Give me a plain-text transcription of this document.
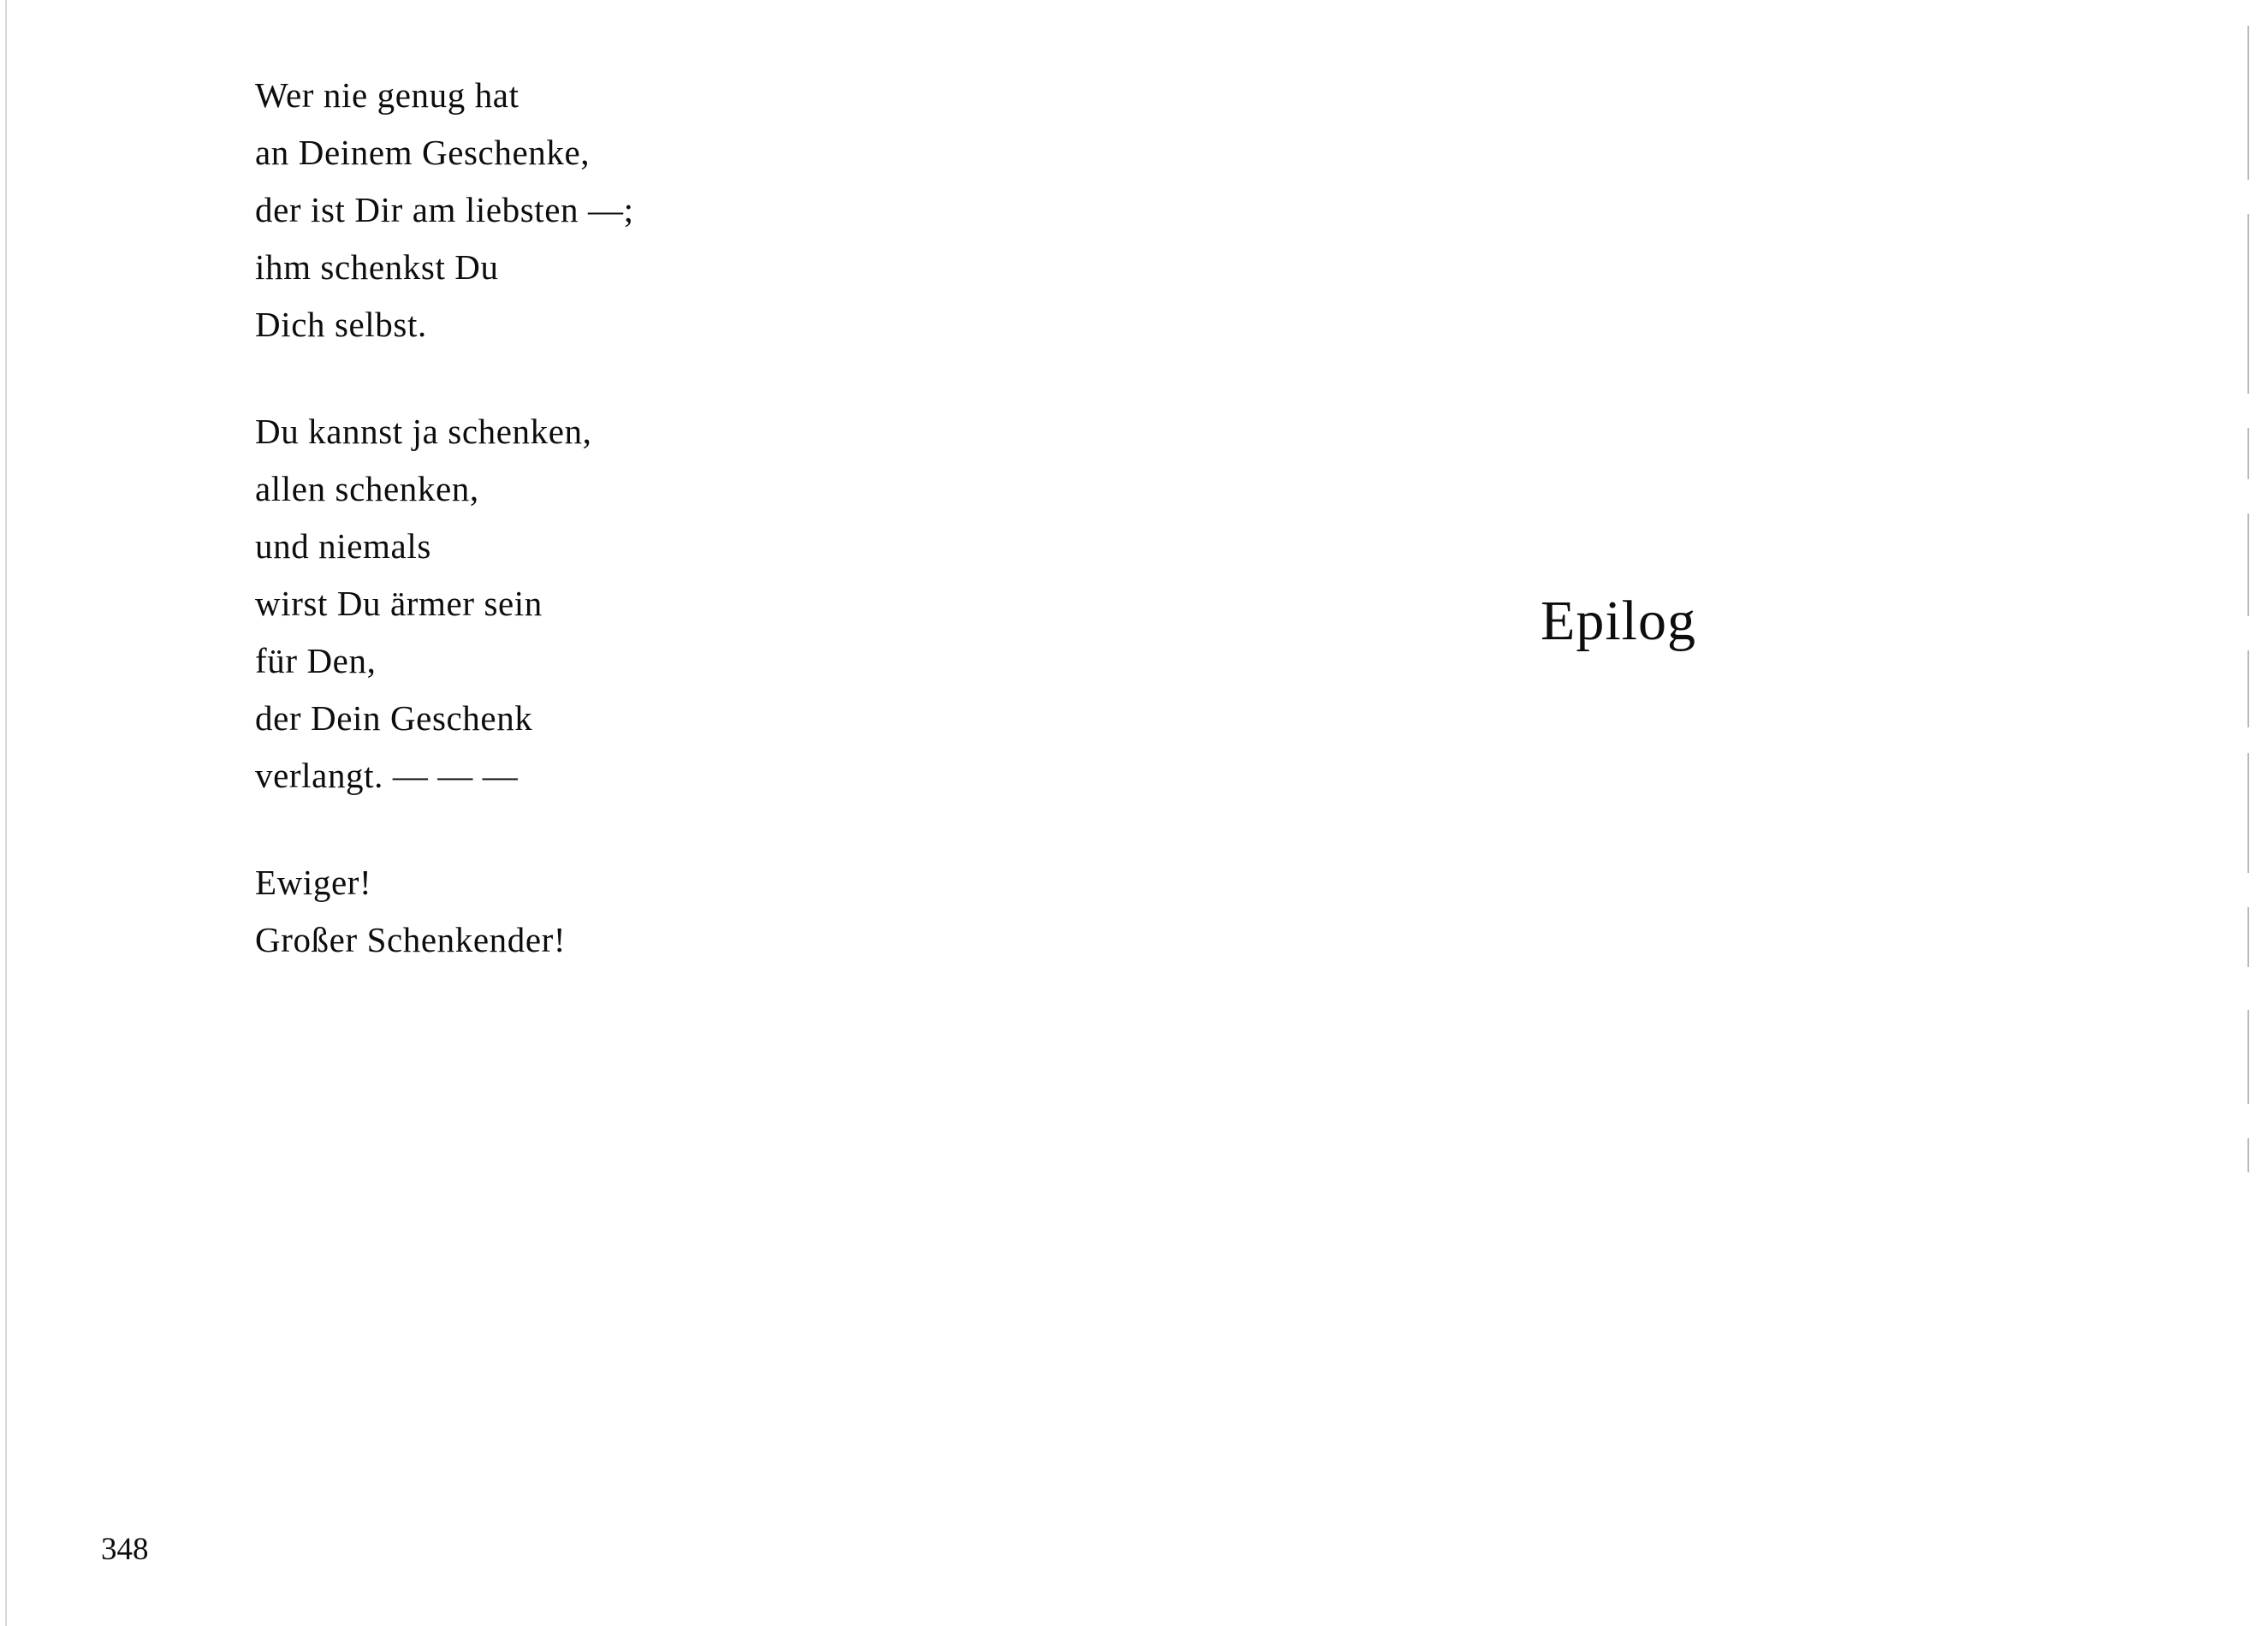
Wer nie genug hat
an Deinem Geschenke,
der ist Dir am liebsten —;
ihm schenkst Du
Dich selbst.
Du kannst ja schenken,
allen schenken,
und niemals
wirst Du ärmer sein
für Den,
der Dein Geschenk
verlangt. — — —
Ewiger!
Großer Schenkender!
Epilog
348
